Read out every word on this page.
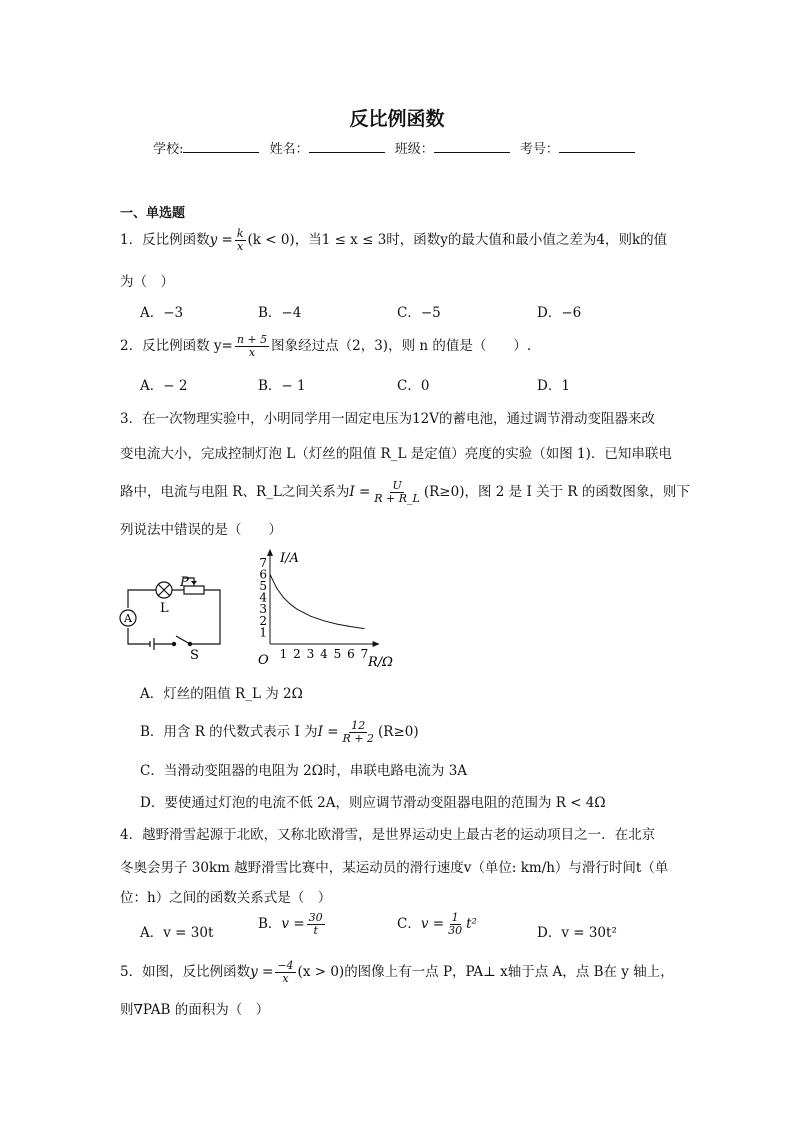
反比例函数
学校:	姓名：	班级：	考号：
一、单选题
1．反比例函数$y = \frac{k}{x} (k < 0)$，当1 ≤ x ≤ 3时，函数y的最大值和最小值之差为4，则k的值
为（　）
A．−3	B．−4	C．−5	D．−6
2．反比例函数 $y= \frac{n + 5}{x}$ 图象经过点（2，3)，则 n 的值是（　　）.
A．− 2	B．− 1	C．0	D．1
3．在一次物理实验中，小明同学用一固定电压为12V的蓄电池，通过调节滑动变阻器来改
变电流大小，完成控制灯泡 L（灯丝的阻值 R_L 是定值）亮度的实验（如图 1)．已知串联电
路中，电流与电阻 R、R_L之间关系为$I = \frac{U}{R + R\_L} (R\ge 0)$，图 2 是 I 关于 R 的函数图象，则下
列说法中错误的是（　　）
A
L
P
S	1 2 3 4 5 6 7
1
2
3
4
5
6
7 I/A
R/Ω
O
A．灯丝的阻值 R_L 为 2Ω
B．用含 R 的代数式表示 I 为$I = \frac{12}{R + 2} (R\ge 0)$
C．当滑动变阻器的电阻为 2Ω时，串联电路电流为 3A
D．要使通过灯泡的电流不低 2A，则应调节滑动变阻器电阻的范围为 R < 4Ω
4．越野滑雪起源于北欧，又称北欧滑雪，是世界运动史上最古老的运动项目之一．在北京
冬奥会男子 30km 越野滑雪比赛中，某运动员的滑行速度v（单位: km/h）与滑行时间t（单
位：h）之间的函数关系式是（　）
A．v = 30t
B．$v = \frac{30}{t}$	C．$v = \frac{1}{30} t^2$
D．v = 30t²
5．如图，反比例函数$y = \frac{-4}{x} (x > 0)$的图像上有一点 P，PA⊥ x轴于点 A，点 B在 y 轴上，
则∇PAB 的面积为（　）
